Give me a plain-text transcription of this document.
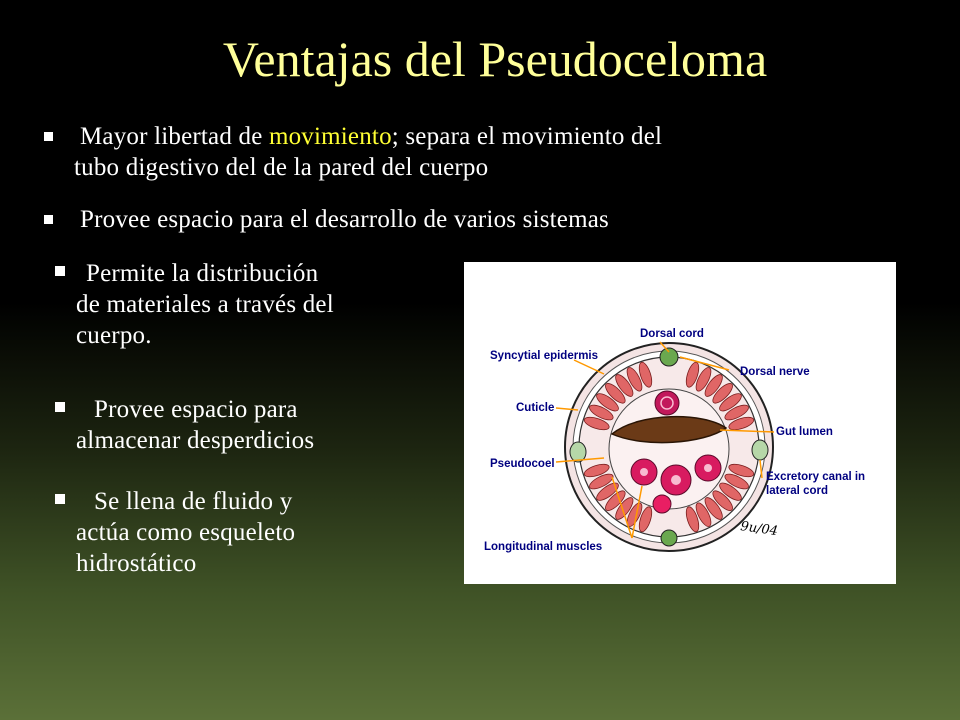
Ventajas del Pseudoceloma
Mayor libertad de movimiento; separa el movimiento del
tubo digestivo del de la pared del cuerpo
Provee espacio para el desarrollo de varios sistemas
Permite la distribución
de materiales a través del
cuerpo.
Provee espacio para
almacenar desperdicios
Se llena de fluido y
actúa como esqueleto
hidrostático
Dorsal cord
Syncytial epidermis
Dorsal nerve
Cuticle
Gut lumen
Pseudocoel
Excretory canal in
lateral cord
Longitudinal muscles
9u/04
